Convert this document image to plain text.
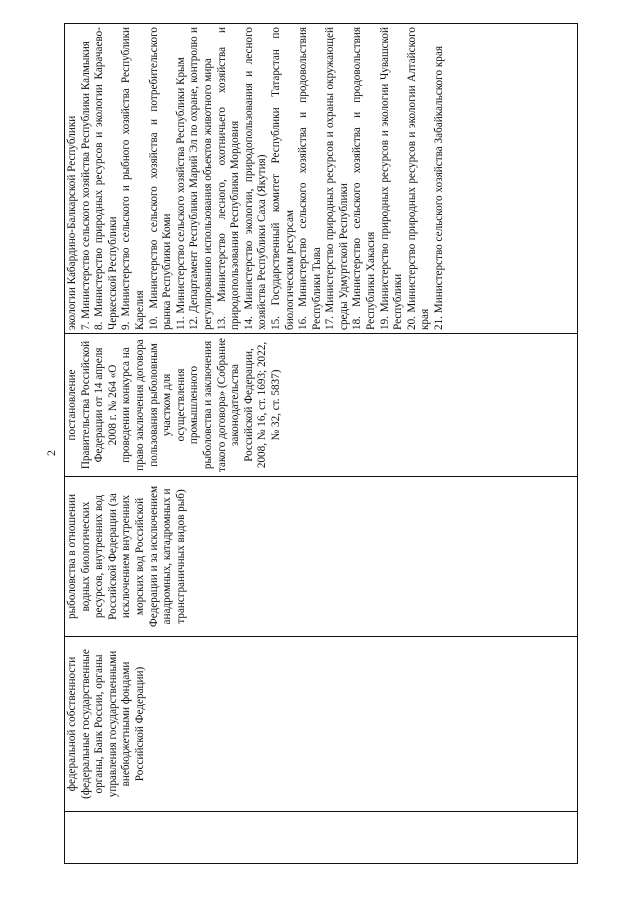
2

федеральной собственности (федеральные государственные органы, Банк России, органы управления государственными внебюджетными фондами Российской Федерации)

рыболовства в отношении водных биологических ресурсов, внутренних вод Российской Федерации (за исключением внутренних морских вод Российской Федерации и за исключением анадромных, катадромных и трансграничных видов рыб)

постановление Правительства Российской Федерации от 14 апреля 2008 г. № 264 «О проведении конкурса на право заключения договора пользования рыболовным участком для осуществления промышленного рыболовства и заключения такого договора» (Собрание законодательства Российской Федерации, 2008, № 16, ст. 1693; 2022, № 32, ст. 5837)

экологии Кабардино-Балкарской Республики 7. Министерство сельского хозяйства Республики Калмыкия 8. Министерство природных ресурсов и экологии Карачаево-Черкесской Республики 9. Министерство сельского и рыбного хозяйства Республики Карелия 10. Министерство сельского хозяйства и потребительского рынка Республики Коми 11. Министерство сельского хозяйства Республики Крым 12. Департамент Республики Марий Эл по охране, контролю и регулированию использования объектов животного мира 13. Министерство лесного, охотничьего хозяйства и природопользования Республики Мордовия 14. Министерство экологии, природопользования и лесного хозяйства Республики Саха (Якутия) 15. Государственный комитет Республики Татарстан по биологическим ресурсам 16. Министерство сельского хозяйства и продовольствия Республики Тыва 17. Министерство природных ресурсов и охраны окружающей среды Удмуртской Республики 18. Министерство сельского хозяйства и продовольствия Республики Хакасия 19. Министерство природных ресурсов и экологии Чувашской Республики 20. Министерство природных ресурсов и экологии Алтайского края 21. Министерство сельского хозяйства Забайкальского края
